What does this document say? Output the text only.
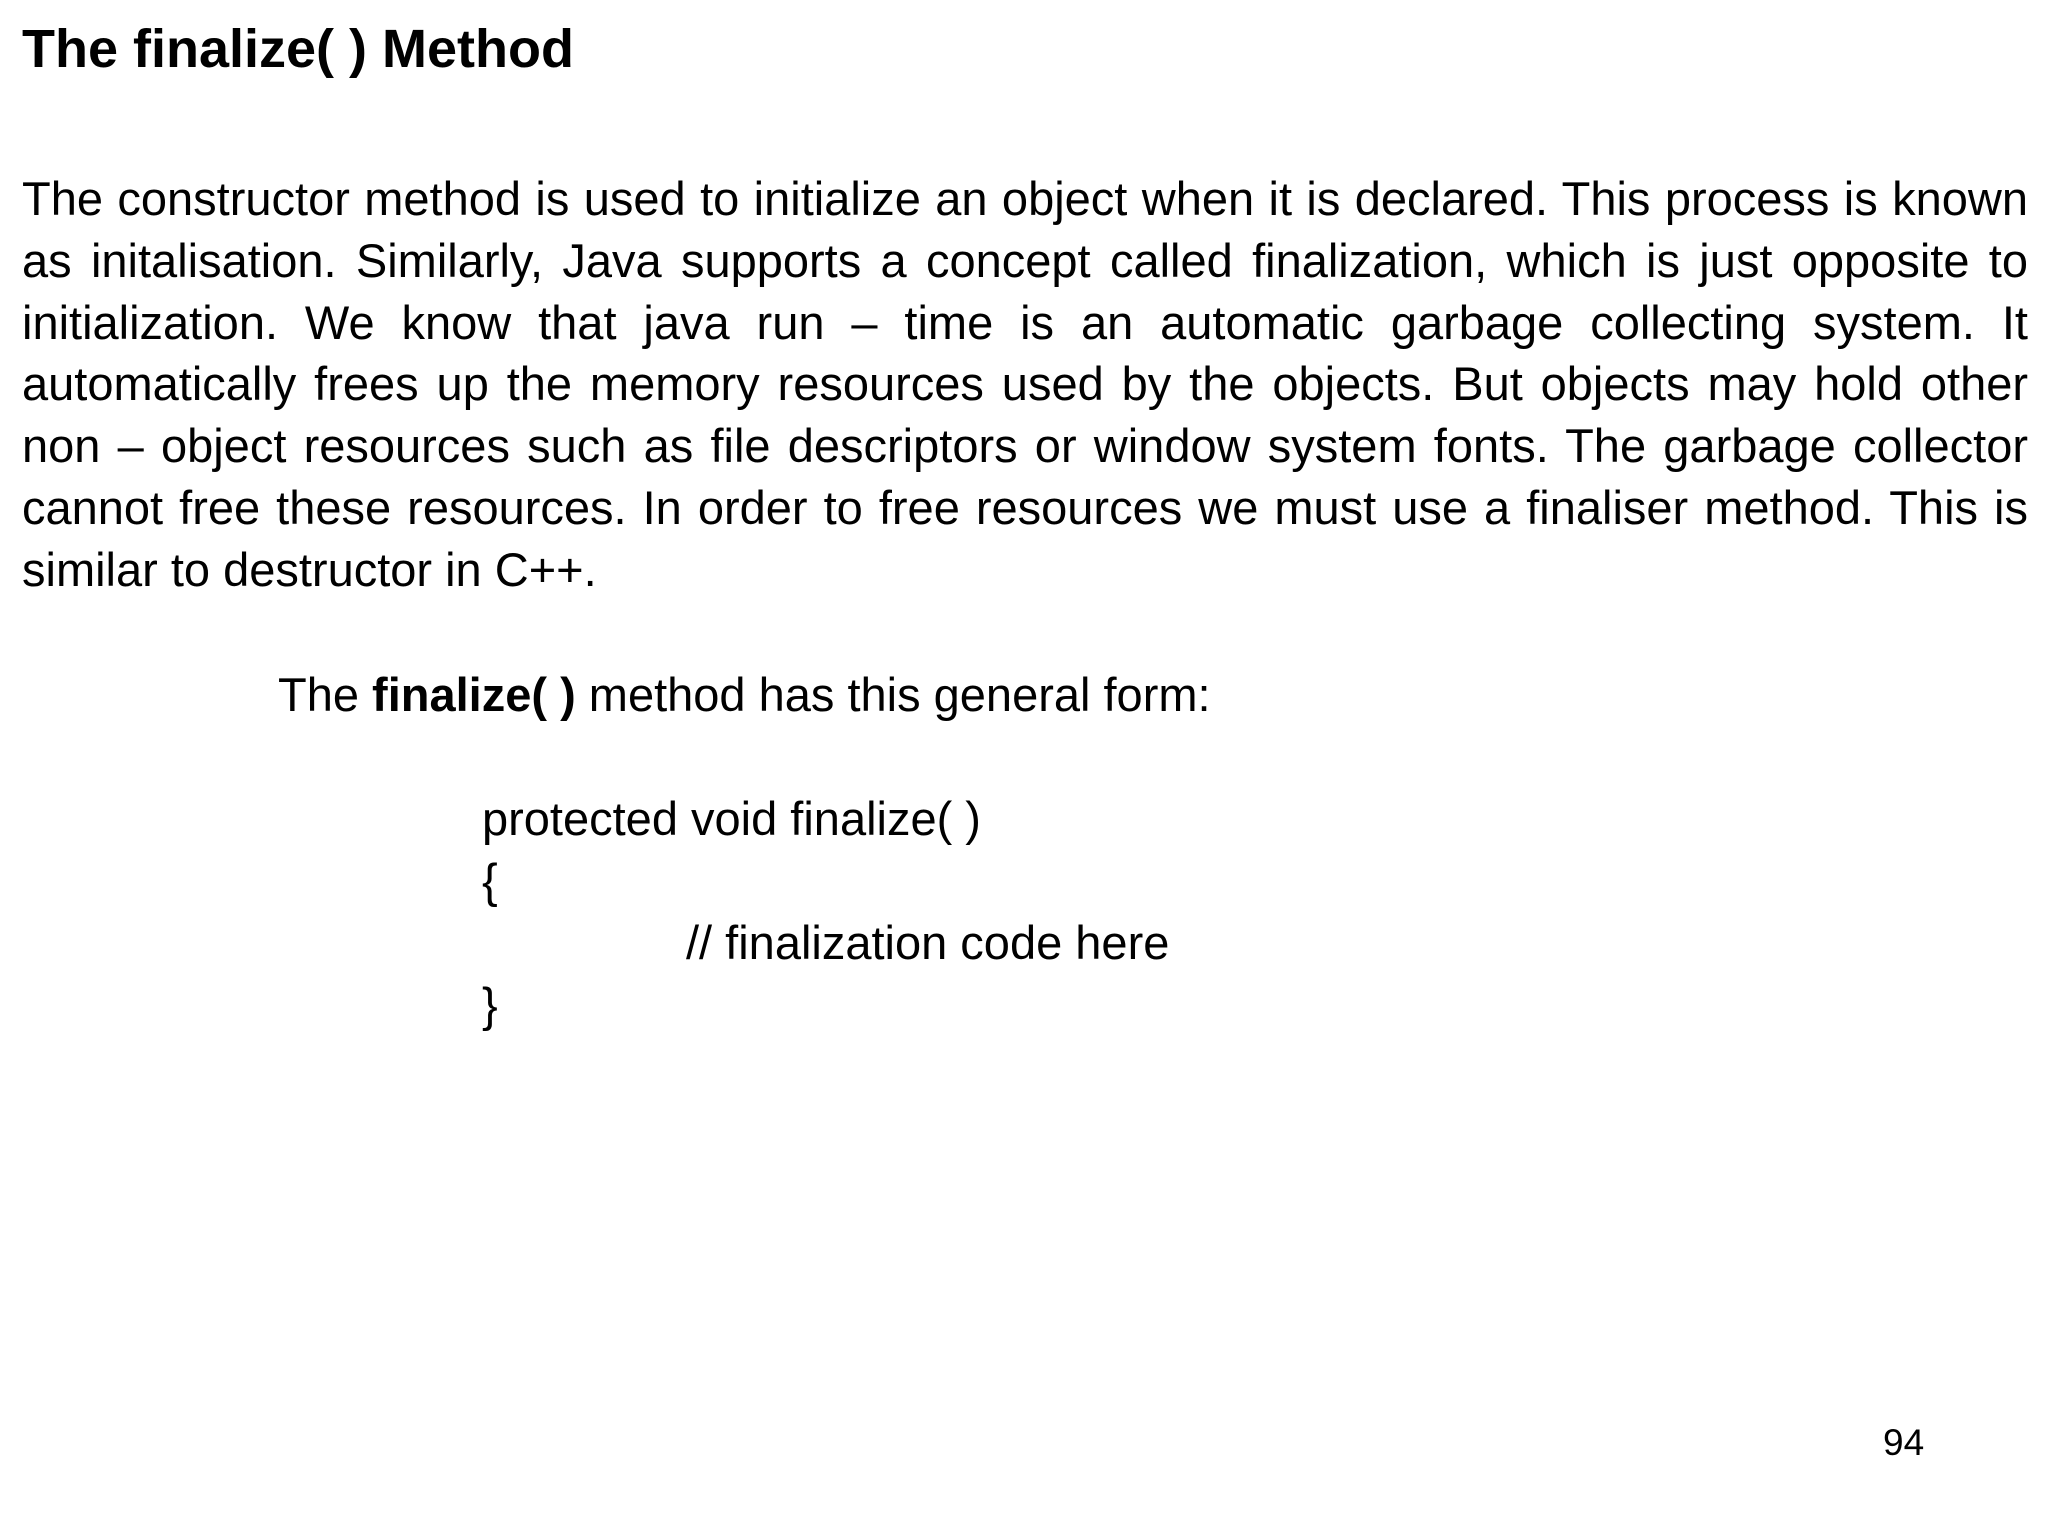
The finalize( ) Method

The constructor method is used to initialize an object when it is declared. This process is known as initalisation. Similarly, Java supports a concept called finalization, which is just opposite to initialization. We know that java run – time is an automatic garbage collecting system. It automatically frees up the memory resources used by the objects. But objects may hold other non – object resources such as file descriptors or window system fonts. The garbage collector cannot free these resources. In order to free resources we must use a finaliser method. This is similar to destructor in C++.

The finalize( ) method has this general form:

protected void finalize( )

{

// finalization code here

}

94
